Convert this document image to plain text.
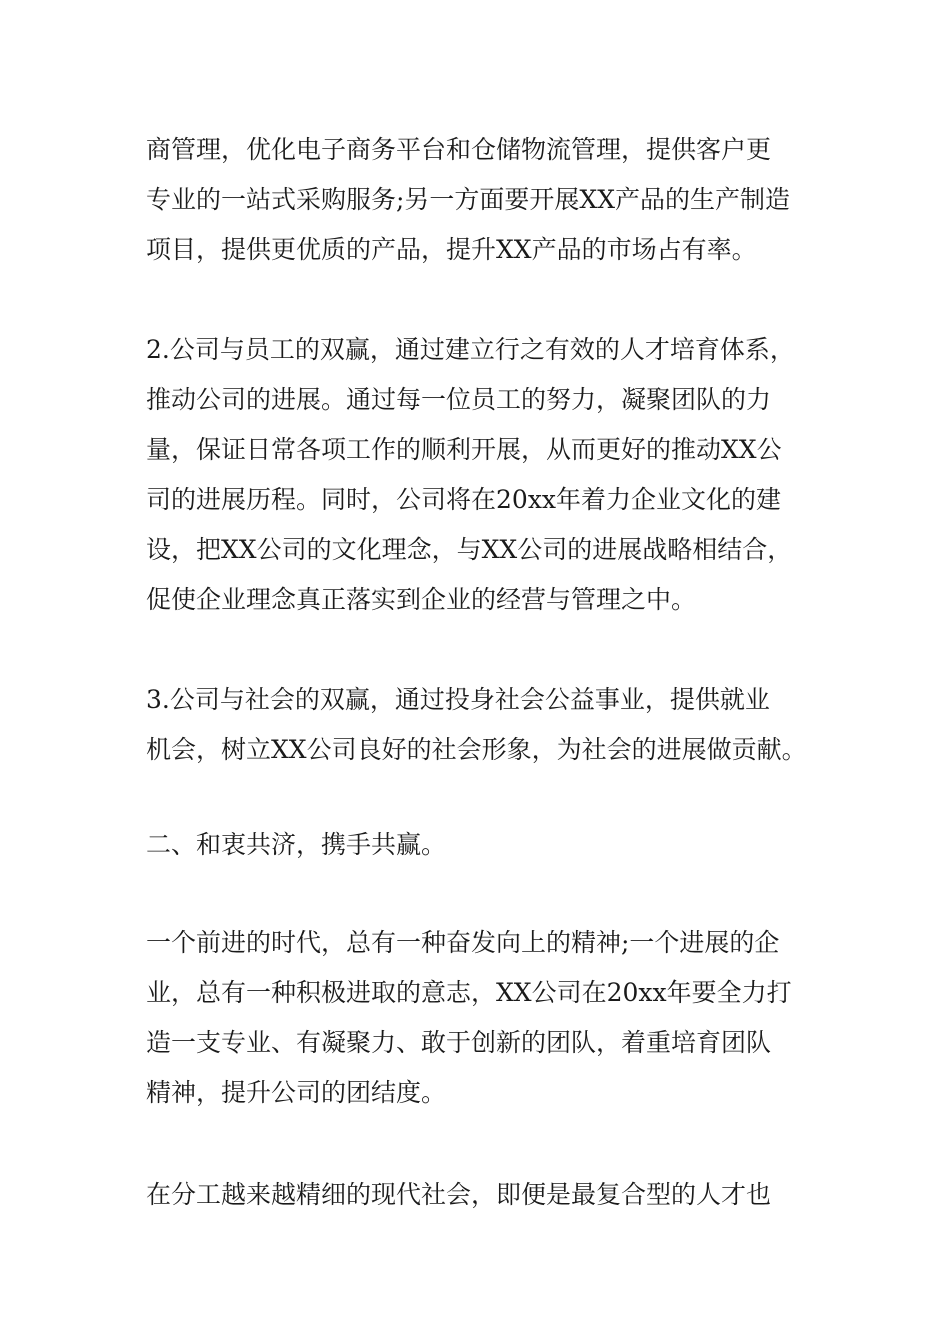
商管理，优化电子商务平台和仓储物流管理，提供客户更
专业的一站式采购服务;另一方面要开展XX产品的生产制造
项目，提供更优质的产品，提升XX产品的市场占有率。

2.公司与员工的双赢，通过建立行之有效的人才培育体系，
推动公司的进展。通过每一位员工的努力，凝聚团队的力
量，保证日常各项工作的顺利开展，从而更好的推动XX公
司的进展历程。同时，公司将在20xx年着力企业文化的建
设，把XX公司的文化理念，与XX公司的进展战略相结合，
促使企业理念真正落实到企业的经营与管理之中。

3.公司与社会的双赢，通过投身社会公益事业，提供就业
机会，树立XX公司良好的社会形象，为社会的进展做贡献。

二、和衷共济，携手共赢。

一个前进的时代，总有一种奋发向上的精神;一个进展的企
业，总有一种积极进取的意志，XX公司在20xx年要全力打
造一支专业、有凝聚力、敢于创新的团队，着重培育团队
精神，提升公司的团结度。

在分工越来越精细的现代社会，即便是最复合型的人才也
